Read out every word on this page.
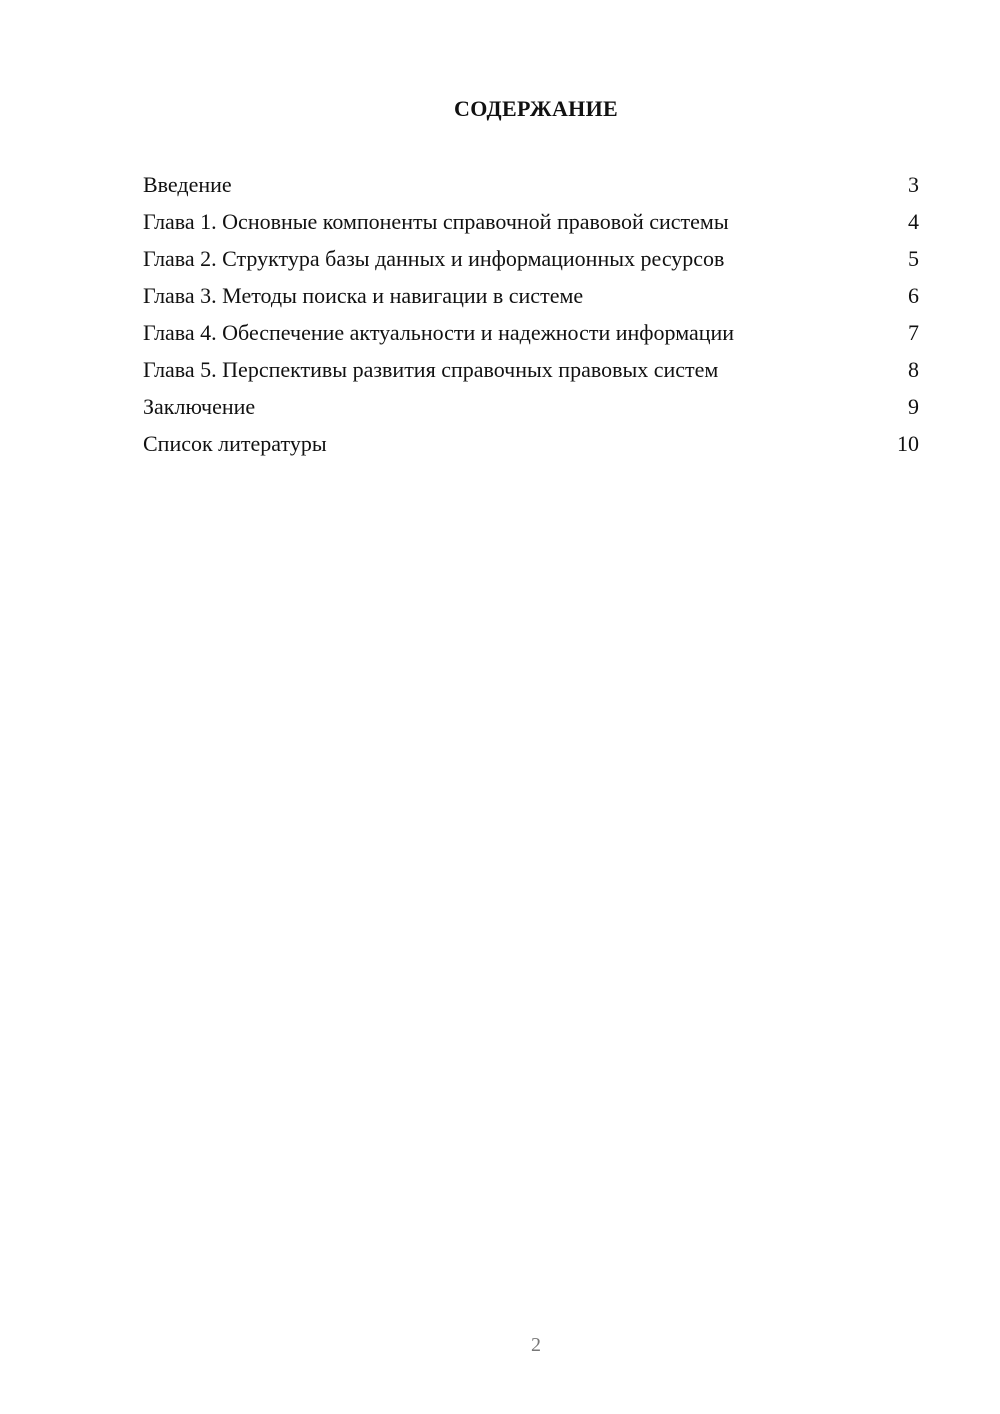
СОДЕРЖАНИЕ
Введение	3
Глава 1. Основные компоненты справочной правовой системы	4
Глава 2. Структура базы данных и информационных ресурсов	5
Глава 3. Методы поиска и навигации в системе	6
Глава 4. Обеспечение актуальности и надежности информации	7
Глава 5. Перспективы развития справочных правовых систем	8
Заключение	9
Список литературы	10
2
